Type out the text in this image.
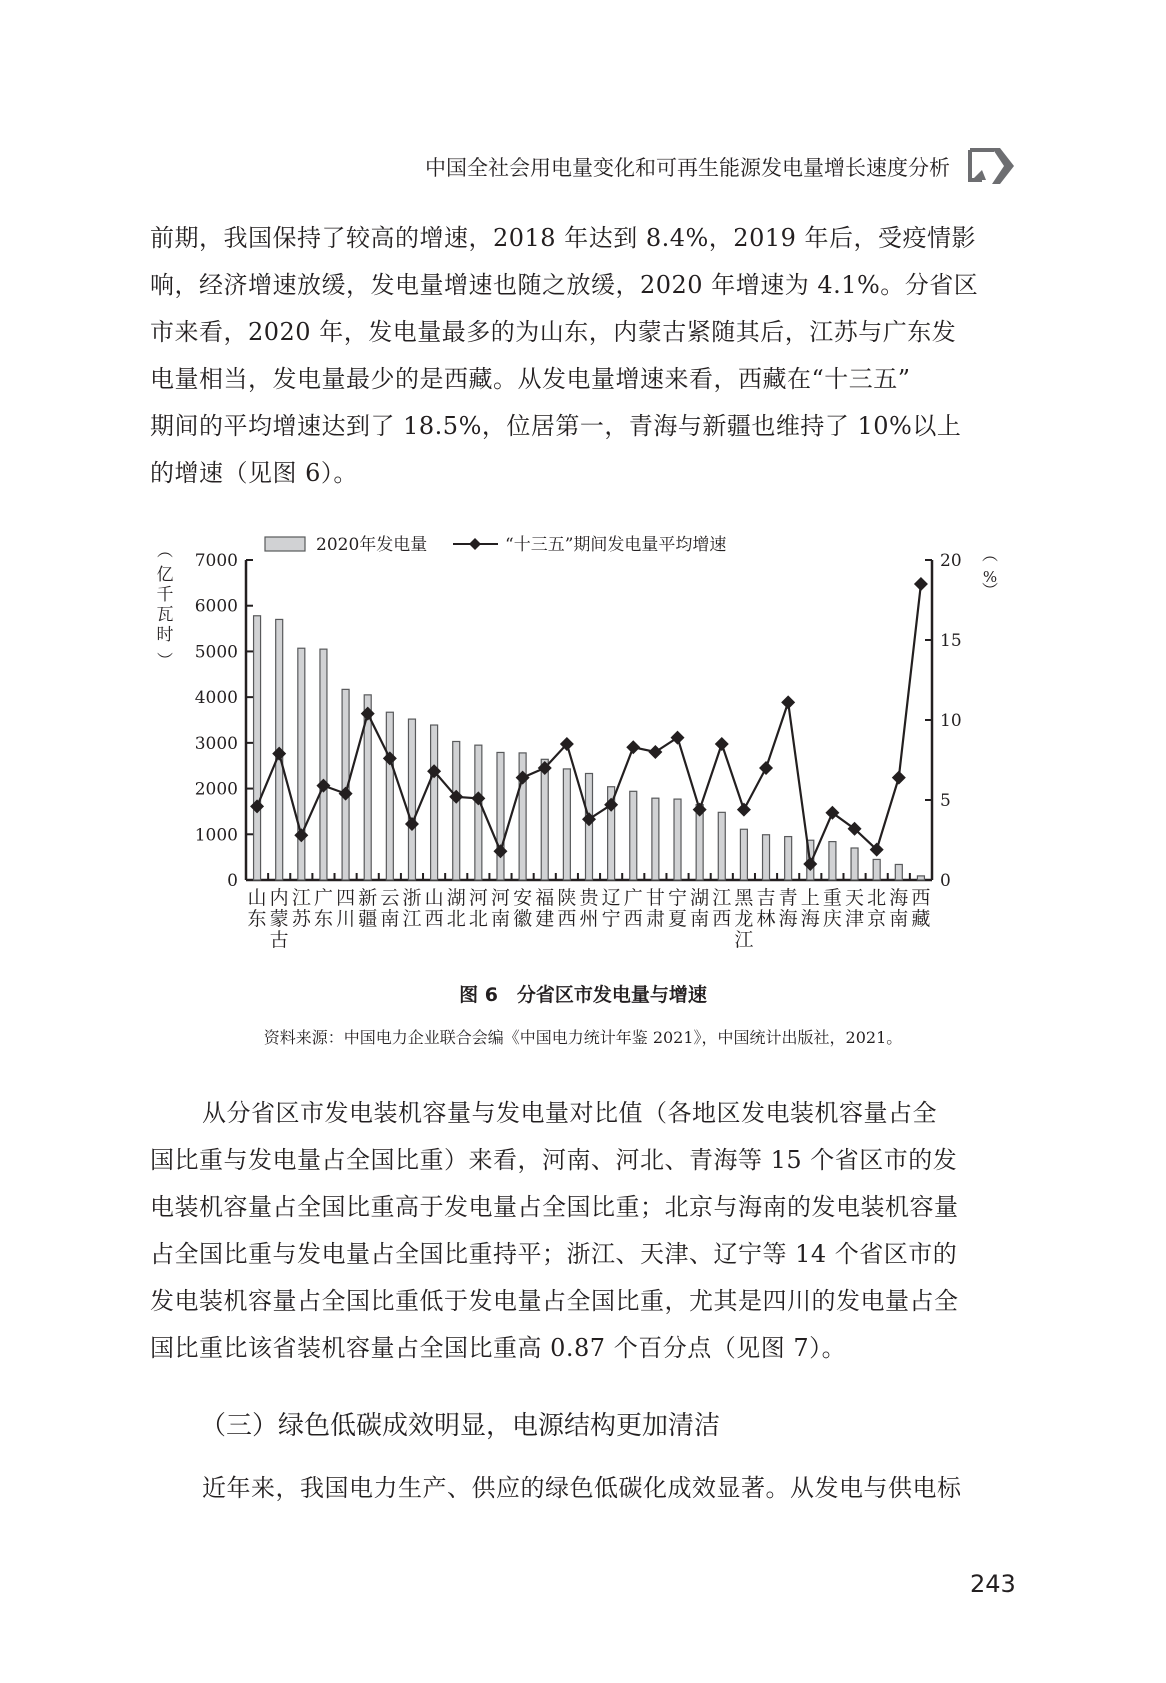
中国全社会用电量变化和可再生能源发电量增长速度分析

前期，我国保持了较高的增速，2018 年达到 8.4%，2019 年后，受疫情影

响，经济增速放缓，发电量增速也随之放缓，2020 年增速为 4.1%。分省区

市来看，2020 年，发电量最多的为山东，内蒙古紧随其后，江苏与广东发

电量相当，发电量最少的是西藏。从发电量增速来看，西藏在“十三五”

期间的平均增速达到了 18.5%，位居第一，青海与新疆也维持了 10%以上

的增速（见图 6）。

2020年发电量	“十三五”期间发电量平均增速
0
1000
2000
3000
4000
5000
6000
7000
0
5
10
15
20
︵
亿
千
瓦
时
︶
︵
%
︶
山
东
内
蒙
古
江
苏
广
东
四
川
新
疆
云
南
浙
江
山
西
湖
北
河
北
河
南
安
徽
福
建
陕
西
贵
州
辽
宁
广
西
甘
肃
宁
夏
湖
南
江
西
黑
龙
江
吉
林
青
海
上
海
重
庆
天
津
北
京
海
南
西
藏
图 6　分省区市发电量与增速
资料来源：中国电力企业联合会编《中国电力统计年鉴 2021》，中国统计出版社，2021。

从分省区市发电装机容量与发电量对比值（各地区发电装机容量占全

国比重与发电量占全国比重）来看，河南、河北、青海等 15 个省区市的发

电装机容量占全国比重高于发电量占全国比重；北京与海南的发电装机容量

占全国比重与发电量占全国比重持平；浙江、天津、辽宁等 14 个省区市的

发电装机容量占全国比重低于发电量占全国比重，尤其是四川的发电量占全

国比重比该省装机容量占全国比重高 0.87 个百分点（见图 7）。

（三）绿色低碳成效明显，电源结构更加清洁

近年来，我国电力生产、供应的绿色低碳化成效显著。从发电与供电标

243
